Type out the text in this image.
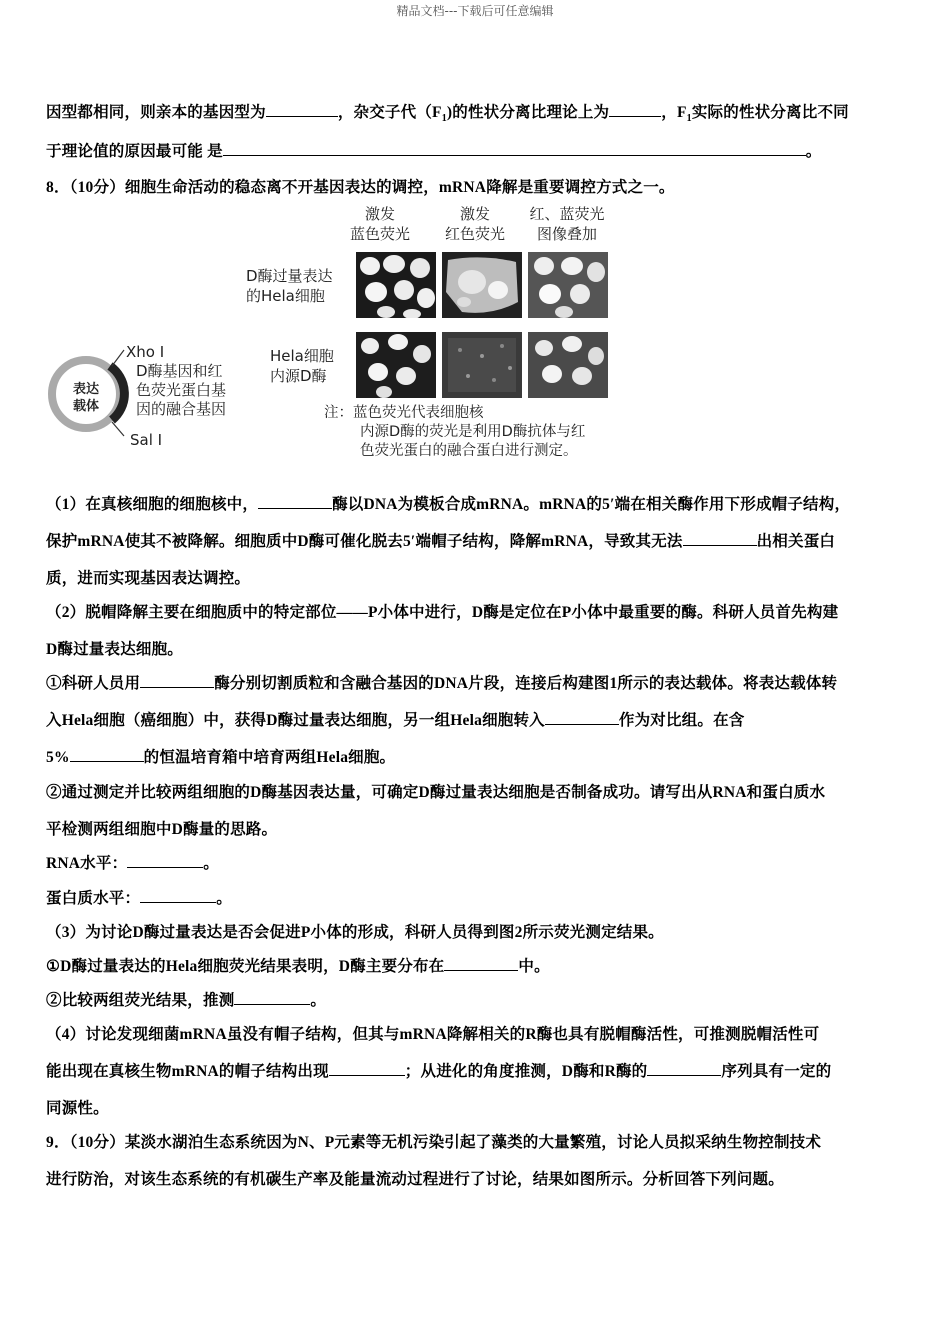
精品文档---下载后可任意编辑
因型都相同，则亲本的基因型为	，杂交子代$(F_1)$的性状分离比理论上为	，$F_1$实际的性状分离比不同
于理论值的原因最可能 是	。
8．（10分）细胞生命活动的稳态离不开基因表达的调控，mRNA降解是重要调控方式之一。
激发
蓝色荧光
激发
红色荧光
红、蓝荧光
图像叠加
D酶过量表达
的Hela细胞
Hela细胞
内源D酶
表达
载体
Xho Ⅰ
D酶基因和红
色荧光蛋白基
因的融合基因
Sal Ⅰ
注：蓝色荧光代表细胞核
内源D酶的荧光是利用D酶抗体与红
色荧光蛋白的融合蛋白进行测定。
（1）在真核细胞的细胞核中，	酶以DNA为模板合成mRNA。mRNA的5′端在相关酶作用下形成帽子结构，
保护mRNA使其不被降解。细胞质中D酶可催化脱去5′端帽子结构，降解mRNA，导致其无法	出相关蛋白
质，进而实现基因表达调控。
（2）脱帽降解主要在细胞质中的特定部位——P小体中进行，D酶是定位在P小体中最重要的酶。科研人员首先构建
D酶过量表达细胞。
①科研人员用	酶分别切割质粒和含融合基因的DNA片段，连接后构建图1所示的表达载体。将表达载体转
入Hela细胞（癌细胞）中，获得D酶过量表达细胞，另一组Hela细胞转入	作为对比组。在含
5%	的恒温培育箱中培育两组Hela细胞。
②通过测定并比较两组细胞的D酶基因表达量，可确定D酶过量表达细胞是否制备成功。请写出从RNA和蛋白质水
平检测两组细胞中D酶量的思路。
RNA水平：	。
蛋白质水平：	。
（3）为讨论D酶过量表达是否会促进P小体的形成，科研人员得到图2所示荧光测定结果。
①D酶过量表达的Hela细胞荧光结果表明，D酶主要分布在	中。
②比较两组荧光结果，推测	。
（4）讨论发现细菌mRNA虽没有帽子结构，但其与mRNA降解相关的R酶也具有脱帽酶活性，可推测脱帽活性可
能出现在真核生物mRNA的帽子结构出现	；从进化的角度推测，D酶和R酶的	序列具有一定的
同源性。
9．（10分）某淡水湖泊生态系统因为N、P元素等无机污染引起了藻类的大量繁殖，讨论人员拟采纳生物控制技术
进行防治，对该生态系统的有机碳生产率及能量流动过程进行了讨论，结果如图所示。分析回答下列问题。
